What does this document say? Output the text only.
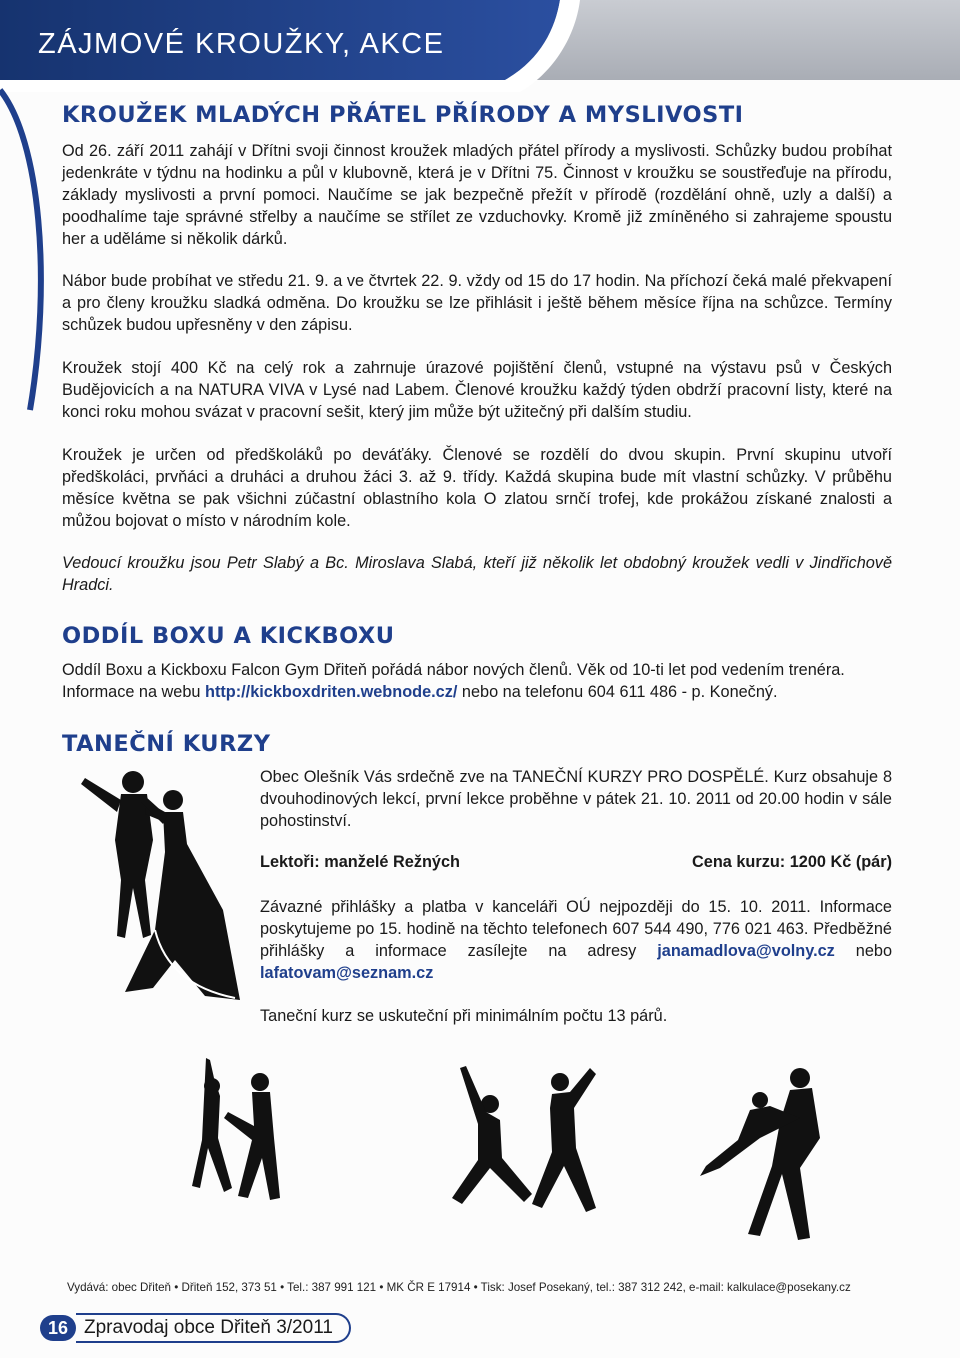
ZÁJMOVÉ KROUŽKY, AKCE
KROUŽEK MLADÝCH PŘÁTEL PŘÍRODY A MYSLIVOSTI
Od 26. září 2011 zahájí v Dřítni svoji činnost kroužek mladých přátel přírody a myslivosti. Schůzky budou probíhat jedenkráte v týdnu na hodinku a půl v klubovně, která je v Dřítni 75. Činnost v kroužku se soustřeďuje na přírodu, základy myslivosti a první pomoci. Naučíme se jak bezpečně přežít v přírodě (rozdělání ohně, uzly a další) a poodhalíme taje správné střelby a naučíme se střílet ze vzduchovky. Kromě již zmíněného si zahrajeme spoustu her a uděláme si několik dárků.
Nábor bude probíhat ve středu 21. 9. a ve čtvrtek 22. 9. vždy od 15 do 17 hodin. Na příchozí čeká malé překvapení a pro členy kroužku sladká odměna. Do kroužku se lze přihlásit i ještě během měsíce října na schůzce. Termíny schůzek budou upřesněny v den zápisu.
Kroužek stojí 400 Kč na celý rok a zahrnuje úrazové pojištění členů, vstupné na výstavu psů v Českých Budějovicích a na NATURA VIVA v Lysé nad Labem. Členové kroužku každý týden obdrží pracovní listy, které na konci roku mohou svázat v pracovní sešit, který jim může být užitečný při dalším studiu.
Kroužek je určen od předškoláků po deváťáky. Členové se rozdělí do dvou skupin. První skupinu utvoří předškoláci, prvňáci a druháci a druhou žáci 3. až 9. třídy. Každá skupina bude mít vlastní schůzky. V průběhu měsíce května se pak všichni zúčastní oblastního kola O zlatou srnčí trofej, kde prokážou získané znalosti a můžou bojovat o místo v národním kole.
Vedoucí kroužku jsou Petr Slabý a Bc. Miroslava Slabá, kteří již několik let obdobný kroužek vedli v Jindřichově Hradci.
ODDÍL BOXU A KICKBOXU
Oddíl Boxu a Kickboxu Falcon Gym Dřiteň pořádá nábor nových členů. Věk od 10-ti let pod vedením trenéra. Informace na webu http://kickboxdriten.webnode.cz/ nebo na telefonu 604 611 486 - p. Konečný.
TANEČNÍ KURZY
Obec Olešník Vás srdečně zve na TANEČNÍ KURZY PRO DOSPĚLÉ. Kurz obsahuje 8 dvouhodinových lekcí, první lekce proběhne v pátek 21. 10. 2011 od 20.00 hodin v sále pohostinství.
Lektoři: manželé Režných	Cena kurzu: 1200 Kč (pár)
Závazné přihlášky a platba v kanceláři OÚ nejpozději do 15. 10. 2011. Informace poskytujeme po 15. hodině na těchto telefonech 607 544 490, 776 021 463. Předběžné přihlášky a informace zasílejte na adresy janamadlova@volny.cz nebo lafatovam@seznam.cz
Taneční kurz se uskuteční při minimálním počtu 13 párů.
Vydává: obec Dřiteň • Dřiteň 152, 373 51 • Tel.: 387 991 121 • MK ČR E 17914 • Tisk: Josef Posekaný, tel.: 387 312 242, e-mail: kalkulace@posekany.cz
16 Zpravodaj obce Dřiteň 3/2011
